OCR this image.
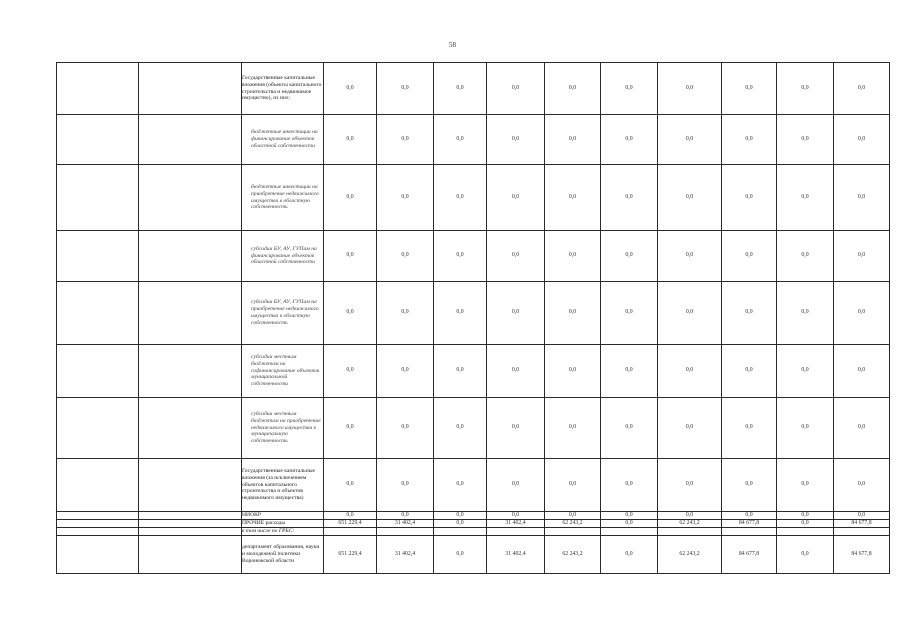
58
		Государственные капитальные вложения (объекты капитального строительства и недвижимое имущество), из них:	0,0	0,0	0,0	0,0	0,0	0,0	0,0	0,0	0,0	0,0
		бюджетные инвестиции на финансирование объектов областной собственности	0,0	0,0	0,0	0,0	0,0	0,0	0,0	0,0	0,0	0,0
		бюджетные инвестиции на приобретение недвижимого имущества в областную собственность	0,0	0,0	0,0	0,0	0,0	0,0	0,0	0,0	0,0	0,0
		субсидии БУ, АУ, ГУПам на финансирование объектов областной собственности	0,0	0,0	0,0	0,0	0,0	0,0	0,0	0,0	0,0	0,0
		субсидии БУ, АУ, ГУПам на приобретение недвижимого имущества в областную собственность	0,0	0,0	0,0	0,0	0,0	0,0	0,0	0,0	0,0	0,0
		субсидии местным бюджетам на софинансирование объектов муниципальной собственности	0,0	0,0	0,0	0,0	0,0	0,0	0,0	0,0	0,0	0,0
		субсидии местным бюджетам на приобретение недвижимого имущества в муниципальную собственность	0,0	0,0	0,0	0,0	0,0	0,0	0,0	0,0	0,0	0,0
		Государственные капитальные вложения (за исключением объектов капитального строительства и объектов недвижимого имущества)	0,0	0,0	0,0	0,0	0,0	0,0	0,0	0,0	0,0	0,0
		НИОКР	0,0	0,0	0,0	0,0	0,0	0,0	0,0	0,0	0,0	0,0
		ПРОЧИЕ расходы	651 229,4	31 402,4	0,0	31 402,4	62 243,2	0,0	62 243,2	84 677,8	0,0	84 677,8
		в том числе по ГРБС:										
		департамент образования, науки и молодежной политики Воронежской области	651 229,4	31 402,4	0,0	31 402,4	62 243,2	0,0	62 243,2	84 677,8	0,0	84 677,8
